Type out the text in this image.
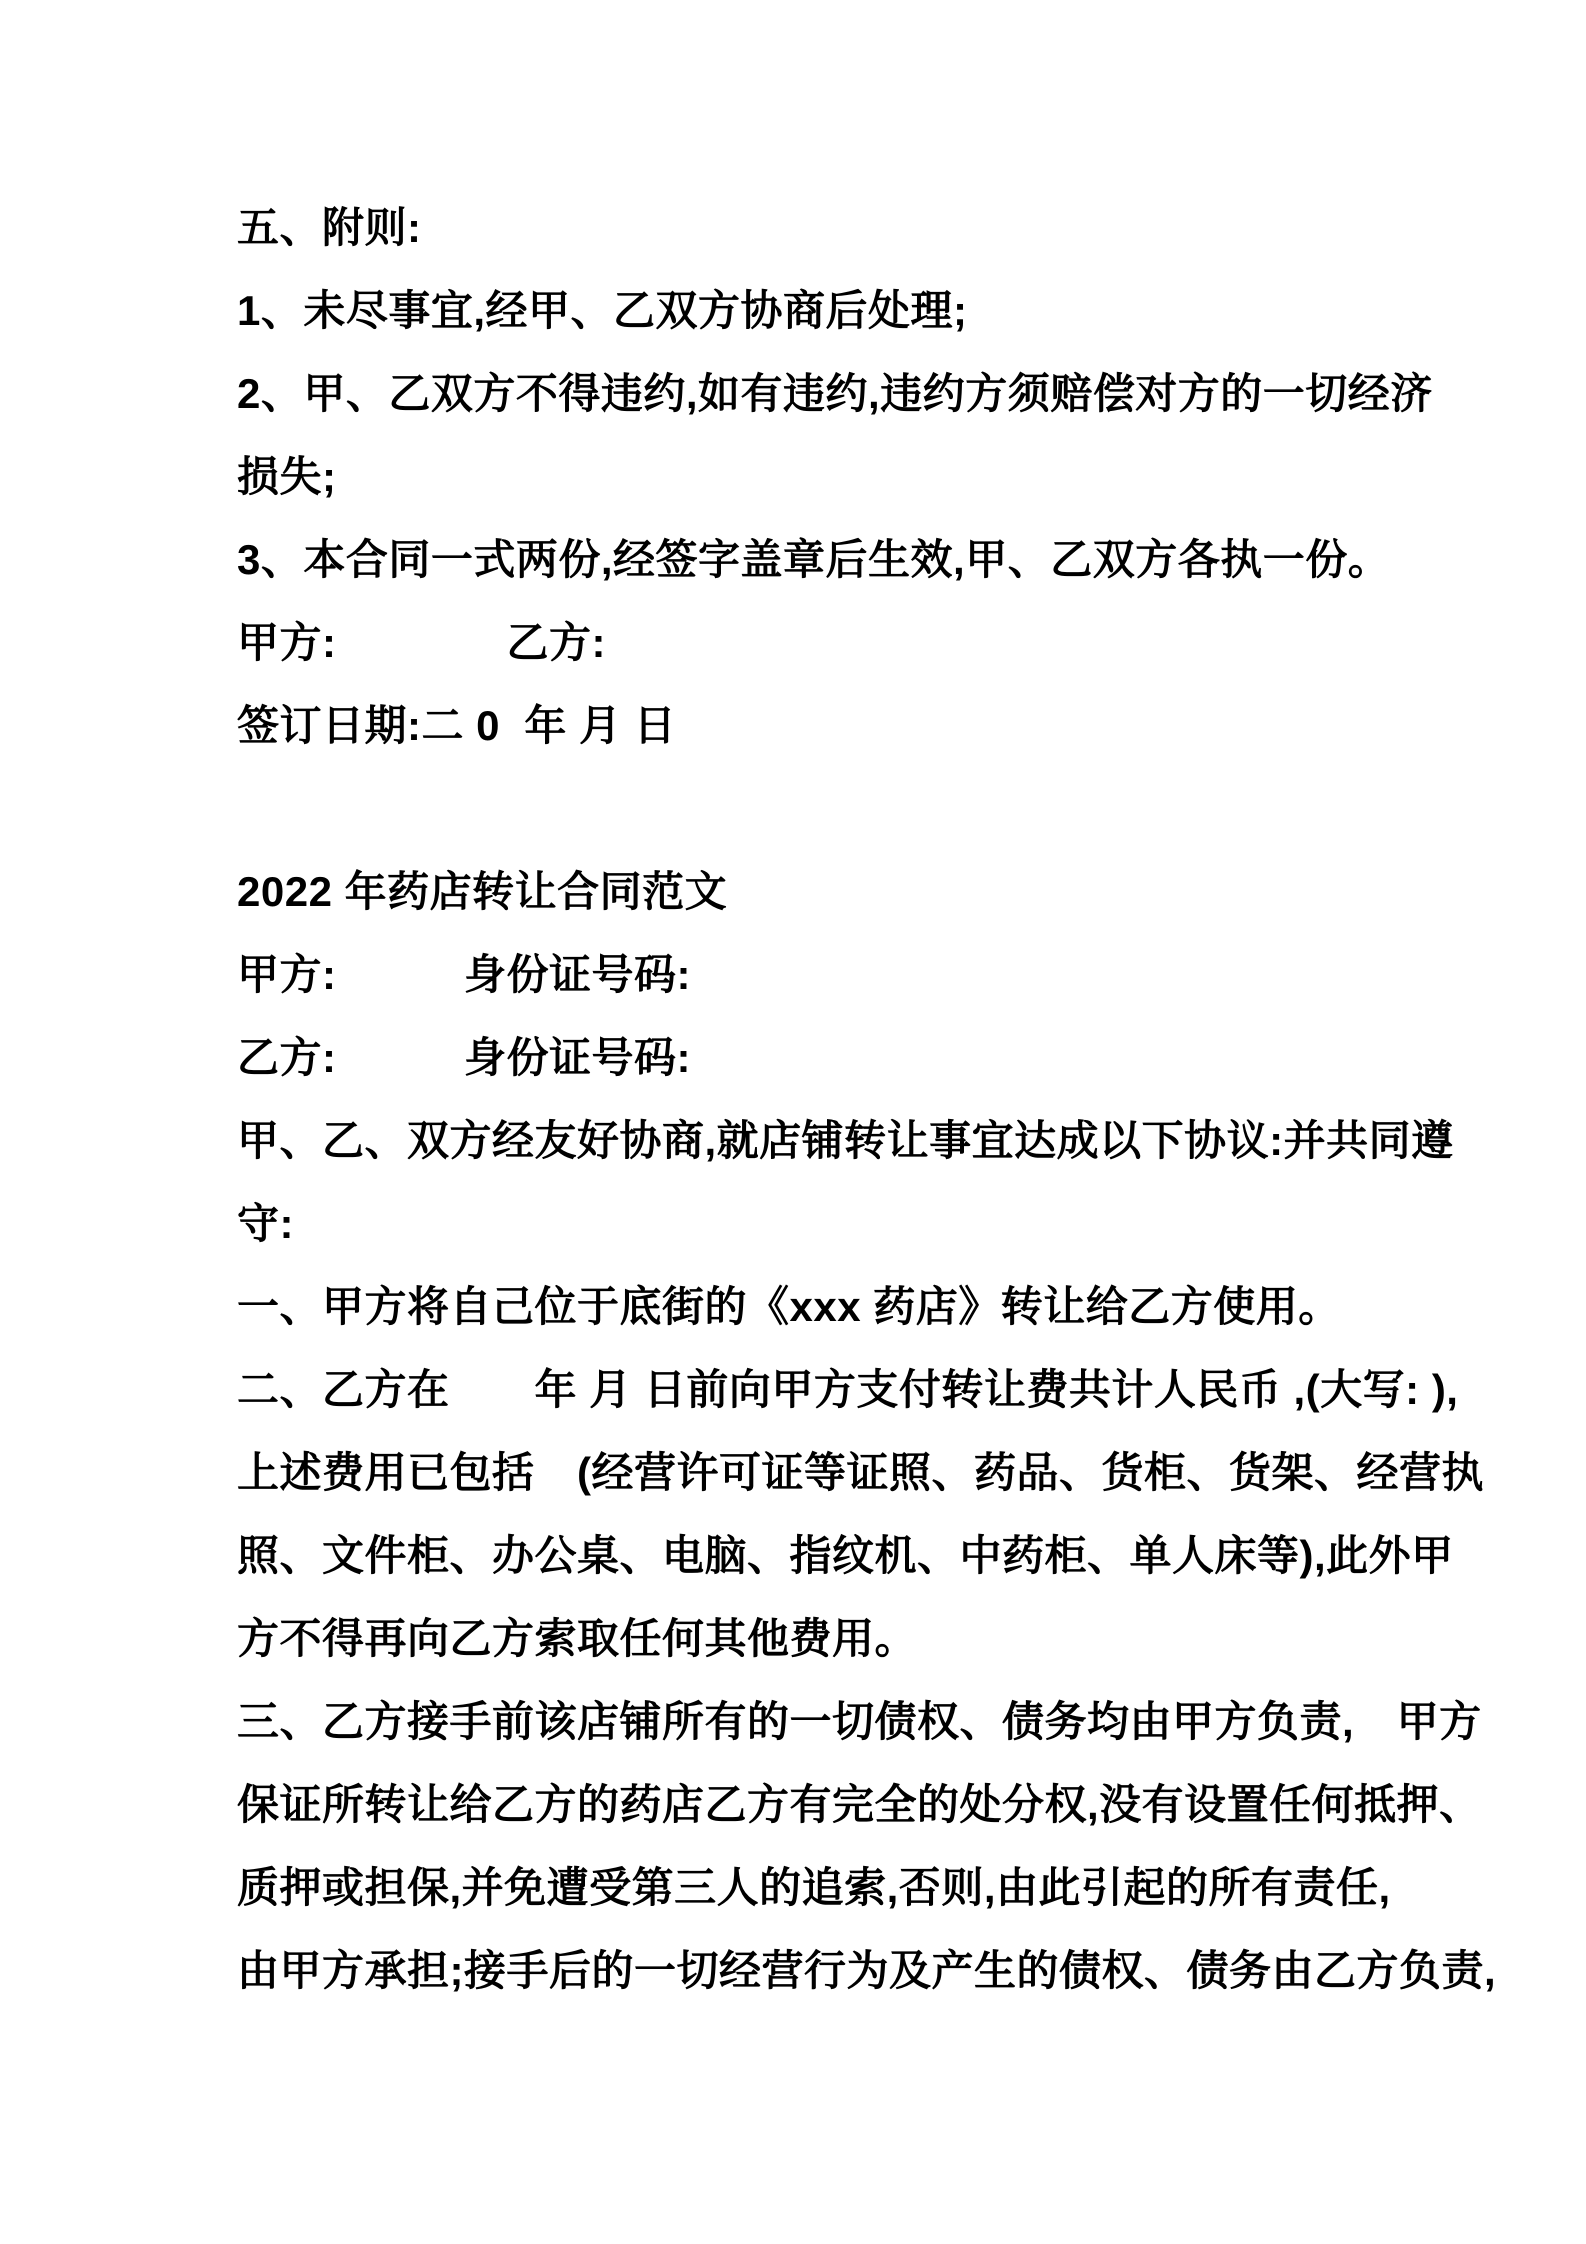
五、附则:
1、未尽事宜,经甲、乙双方协商后处理;
2、甲、乙双方不得违约,如有违约,违约方须赔偿对方的一切经济
损失;
3、本合同一式两份,经签字盖章后生效,甲、乙双方各执一份。
甲方:　　　　乙方:
签订日期:二 0  年 月 日
2022 年药店转让合同范文
甲方:　　　身份证号码:
乙方:　　　身份证号码:
甲、乙、双方经友好协商,就店铺转让事宜达成以下协议:并共同遵
守:
一、甲方将自己位于底街的《xxx 药店》转让给乙方使用。
二、乙方在　　年 月 日前向甲方支付转让费共计人民币 ,(大写: ),
上述费用已包括　(经营许可证等证照、药品、货柜、货架、经营执
照、文件柜、办公桌、电脑、指纹机、中药柜、单人床等),此外甲
方不得再向乙方索取任何其他费用。
三、乙方接手前该店铺所有的一切债权、债务均由甲方负责,　甲方
保证所转让给乙方的药店乙方有完全的处分权,没有设置任何抵押、
质押或担保,并免遭受第三人的追索,否则,由此引起的所有责任,
由甲方承担;接手后的一切经营行为及产生的债权、债务由乙方负责,
